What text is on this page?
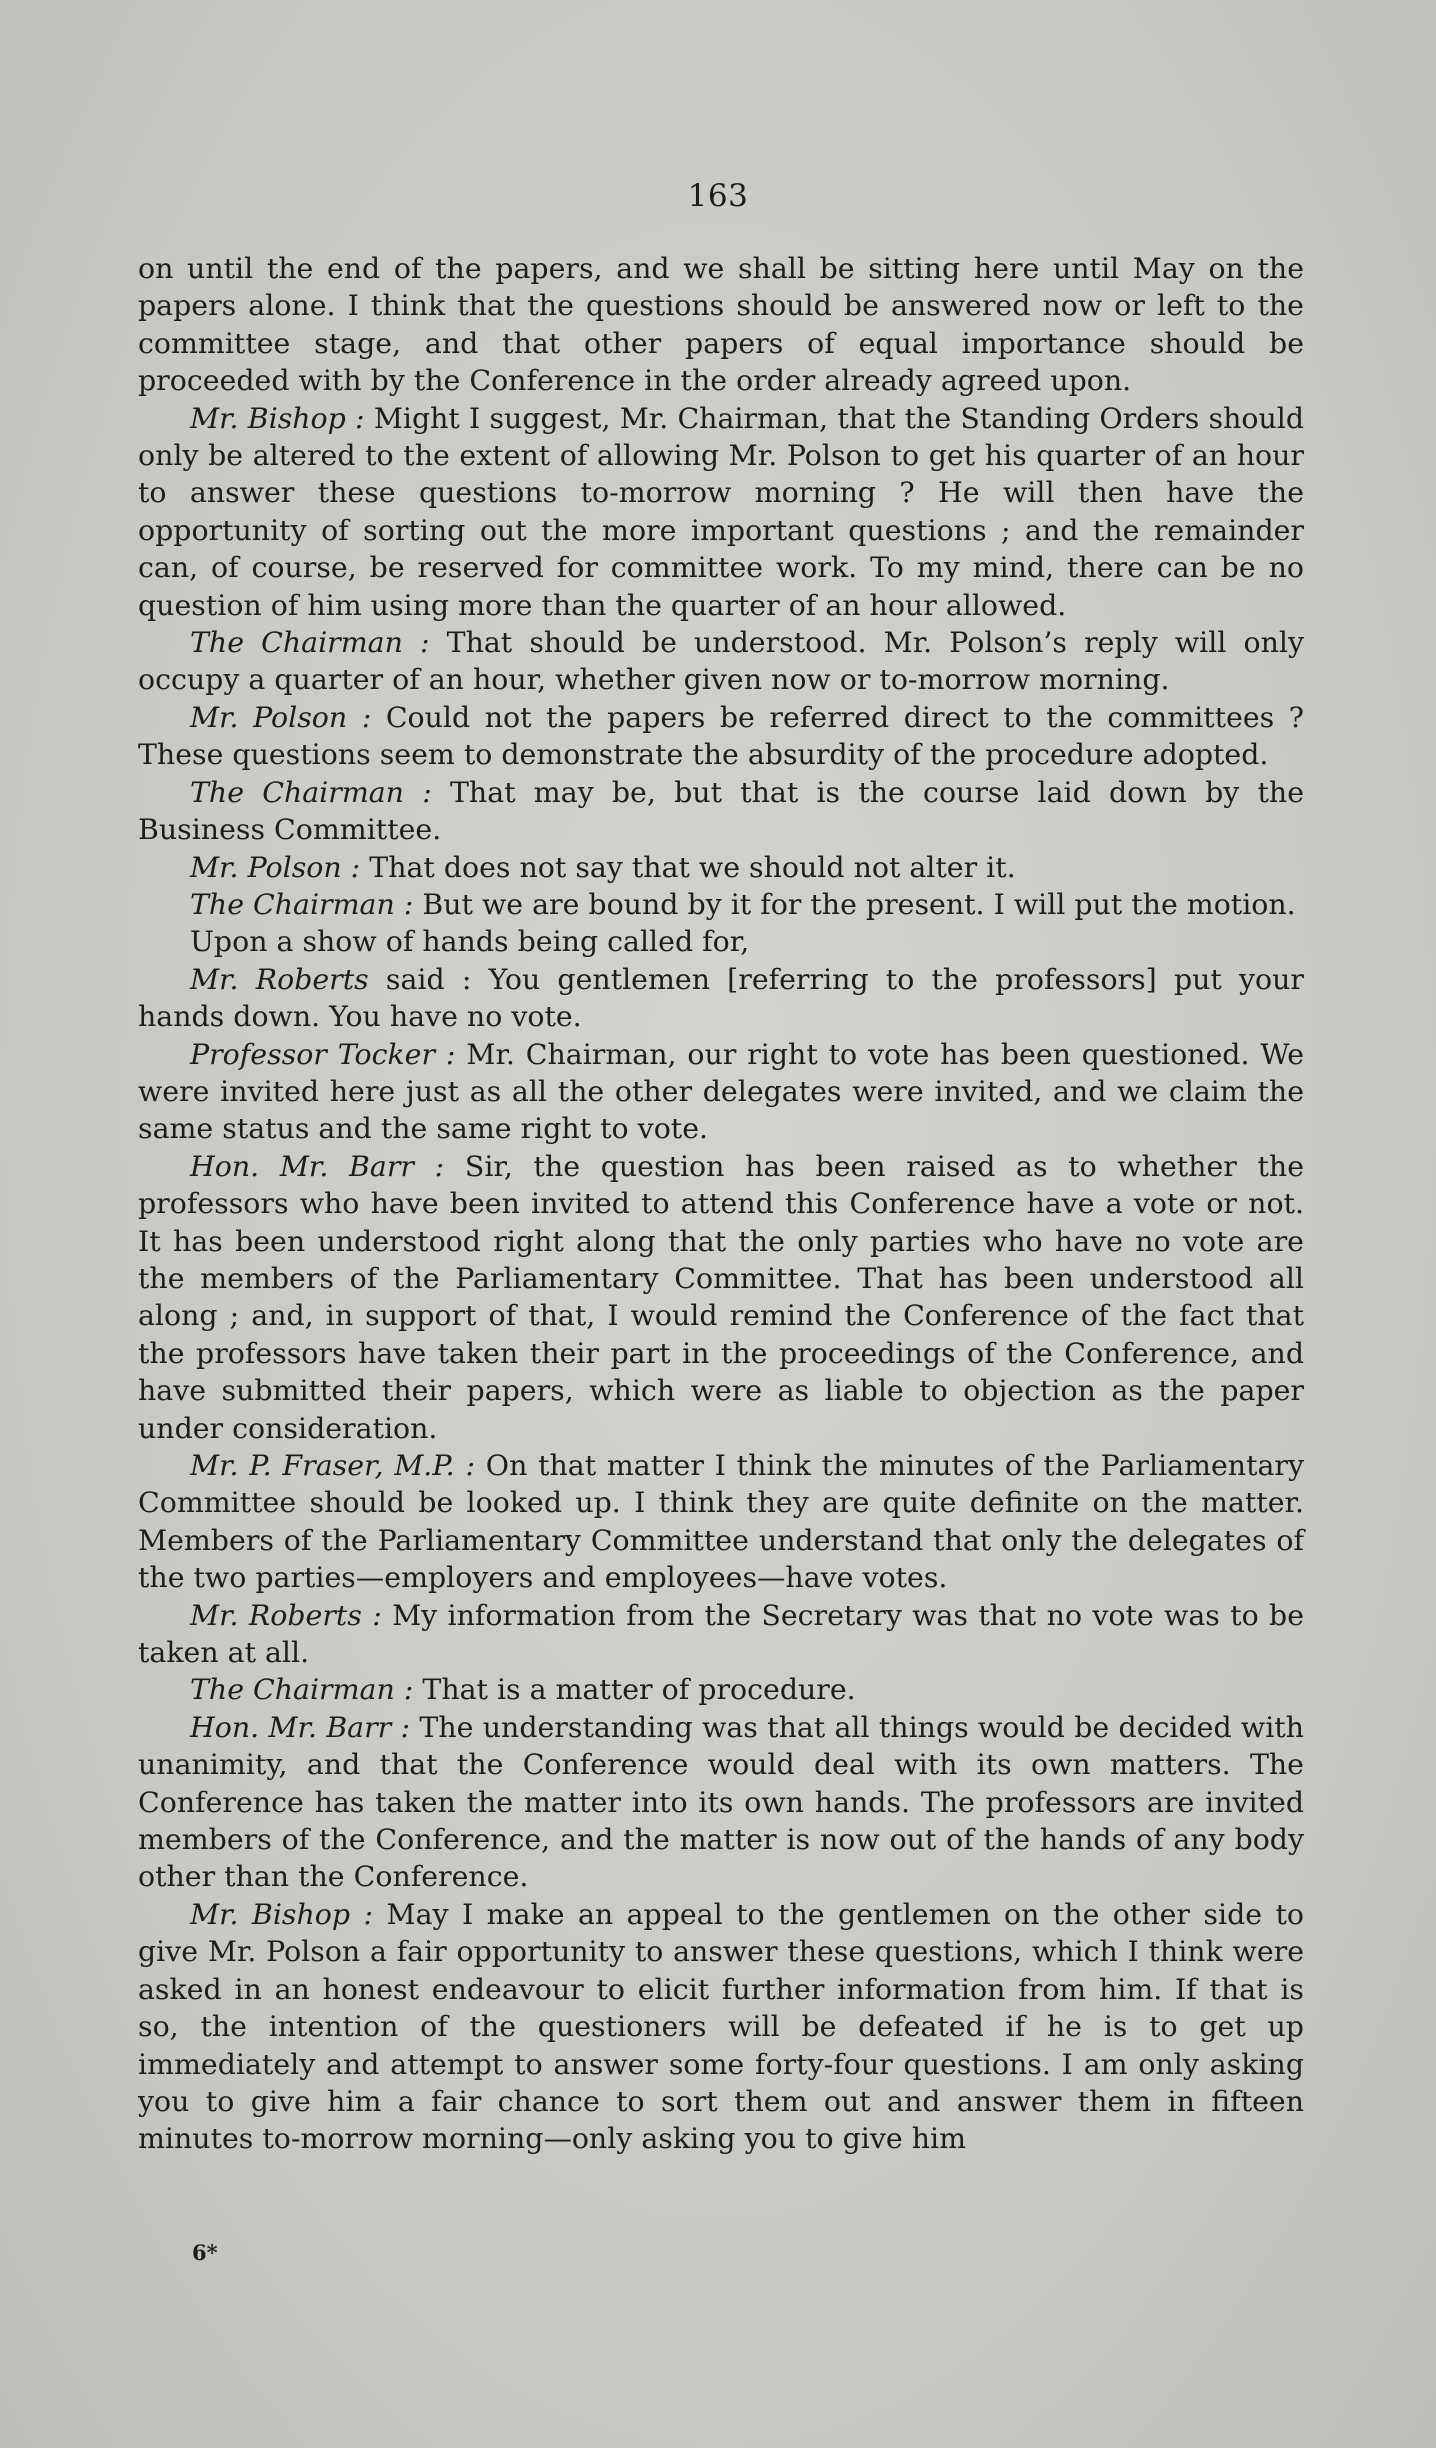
163

on until the end of the papers, and we shall be sitting here until May on the papers alone. I think that the questions should be answered now or left to the committee stage, and that other papers of equal importance should be proceeded with by the Conference in the order already agreed upon.

Mr. Bishop : Might I suggest, Mr. Chairman, that the Standing Orders should only be altered to the extent of allowing Mr. Polson to get his quarter of an hour to answer these questions to-morrow morning ? He will then have the opportunity of sorting out the more important questions ; and the remainder can, of course, be reserved for committee work. To my mind, there can be no question of him using more than the quarter of an hour allowed.

The Chairman : That should be understood. Mr. Polson’s reply will only occupy a quarter of an hour, whether given now or to-morrow morning.

Mr. Polson : Could not the papers be referred direct to the committees ? These questions seem to demonstrate the absurdity of the procedure adopted.

The Chairman : That may be, but that is the course laid down by the Business Committee.

Mr. Polson : That does not say that we should not alter it.

The Chairman : But we are bound by it for the present. I will put the motion.

Upon a show of hands being called for,

Mr. Roberts said : You gentlemen [referring to the professors] put your hands down. You have no vote.

Professor Tocker : Mr. Chairman, our right to vote has been questioned. We were invited here just as all the other delegates were invited, and we claim the same status and the same right to vote.

Hon. Mr. Barr : Sir, the question has been raised as to whether the professors who have been invited to attend this Conference have a vote or not. It has been understood right along that the only parties who have no vote are the members of the Parliamentary Committee. That has been understood all along ; and, in support of that, I would remind the Conference of the fact that the professors have taken their part in the proceedings of the Conference, and have submitted their papers, which were as liable to objection as the paper under consideration.

Mr. P. Fraser, M.P. : On that matter I think the minutes of the Parliamentary Committee should be looked up. I think they are quite definite on the matter. Members of the Parliamentary Committee understand that only the delegates of the two parties—employers and employees—have votes.

Mr. Roberts : My information from the Secretary was that no vote was to be taken at all.

The Chairman : That is a matter of procedure.

Hon. Mr. Barr : The understanding was that all things would be decided with unanimity, and that the Conference would deal with its own matters. The Conference has taken the matter into its own hands. The professors are invited members of the Conference, and the matter is now out of the hands of any body other than the Conference.

Mr. Bishop : May I make an appeal to the gentlemen on the other side to give Mr. Polson a fair opportunity to answer these questions, which I think were asked in an honest endeavour to elicit further information from him. If that is so, the intention of the questioners will be defeated if he is to get up immediately and attempt to answer some forty-four questions. I am only asking you to give him a fair chance to sort them out and answer them in fifteen minutes to-morrow morning—only asking you to give him

6*
